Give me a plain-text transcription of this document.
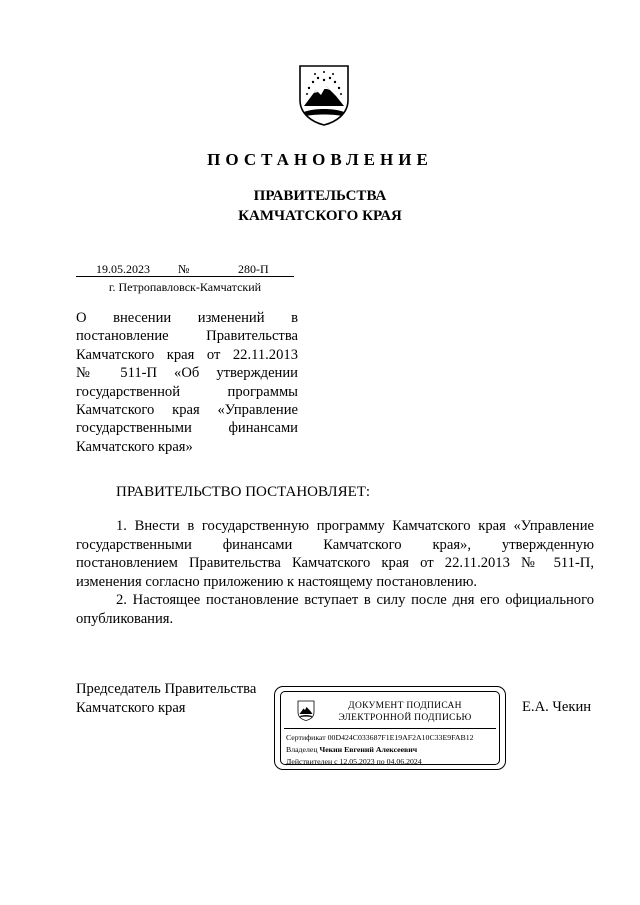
ПОСТАНОВЛЕНИЕ
ПРАВИТЕЛЬСТВА
КАМЧАТСКОГО КРАЯ
19.05.2023 №	280-П
г. Петропавловск-Камчатский
О внесении изменений в
постановление Правительства
Камчатского края от 22.11.2013
№ 511-П «Об утверждении
государственной программы
Камчатского края «Управление
государственными финансами
Камчатского края»
ПРАВИТЕЛЬСТВО ПОСТАНОВЛЯЕТ:

1. Внести в государственную программу Камчатского края «Управление
государственными финансами Камчатского края», утвержденную
постановлением Правительства Камчатского края от 22.11.2013 № 511-П,
изменения согласно приложению к настоящему постановлению.

2. Настоящее постановление вступает в силу после дня его официального
опубликования.

Председатель Правительства
Камчатского края	Е.А. Чекин
ДОКУМЕНТ ПОДПИСАН
ЭЛЕКТРОННОЙ ПОДПИСЬЮ
Сертификат 00D424C033687F1E19AF2A10C33E9FAB12
Владелец Чекин Евгений Алексеевич
Действителен с 12.05.2023 по 04.06.2024
